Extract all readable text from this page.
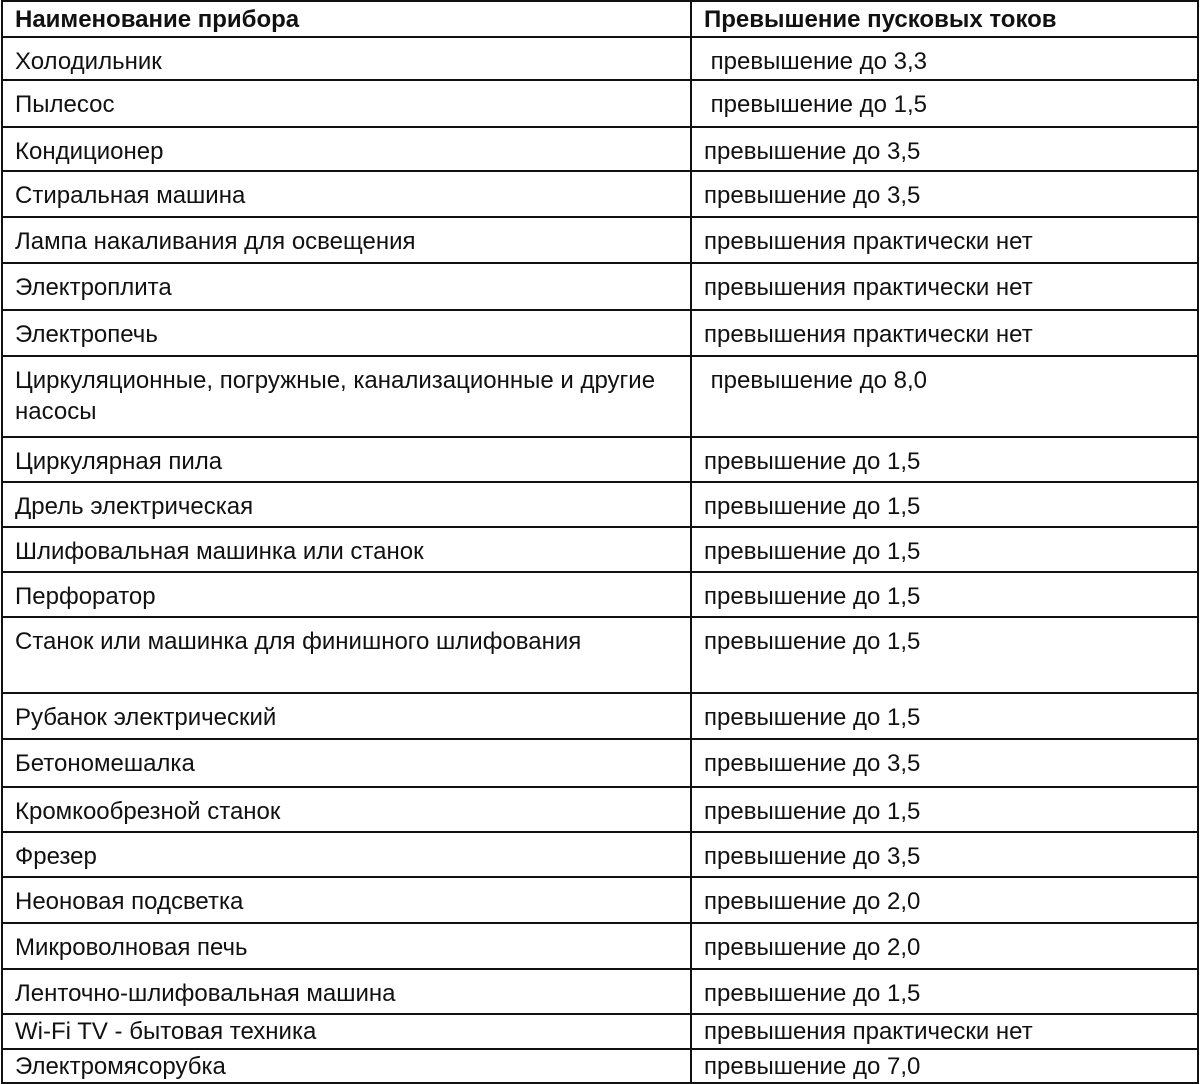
Наименование прибора	Превышение пусковых токов
Холодильник	превышение до 3,3
Пылесос	превышение до 1,5
Кондиционер	превышение до 3,5
Стиральная машина	превышение до 3,5
Лампа накаливания для освещения	превышения практически нет
Электроплита	превышения практически нет
Электропечь	превышения практически нет
Циркуляционные, погружные, канализационные и другие насосы	превышение до 8,0
Циркулярная пила	превышение до 1,5
Дрель электрическая	превышение до 1,5
Шлифовальная машинка или станок	превышение до 1,5
Перфоратор	превышение до 1,5
Станок или машинка для финишного шлифования	превышение до 1,5
Рубанок электрический	превышение до 1,5
Бетономешалка	превышение до 3,5
Кромкообрезной станок	превышение до 1,5
Фрезер	превышение до 3,5
Неоновая подсветка	превышение до 2,0
Микроволновая печь	превышение до 2,0
Ленточно-шлифовальная машина	превышение до 1,5
Wi-Fi TV - бытовая техника	превышения практически нет
Электромясорубка	превышение до 7,0
